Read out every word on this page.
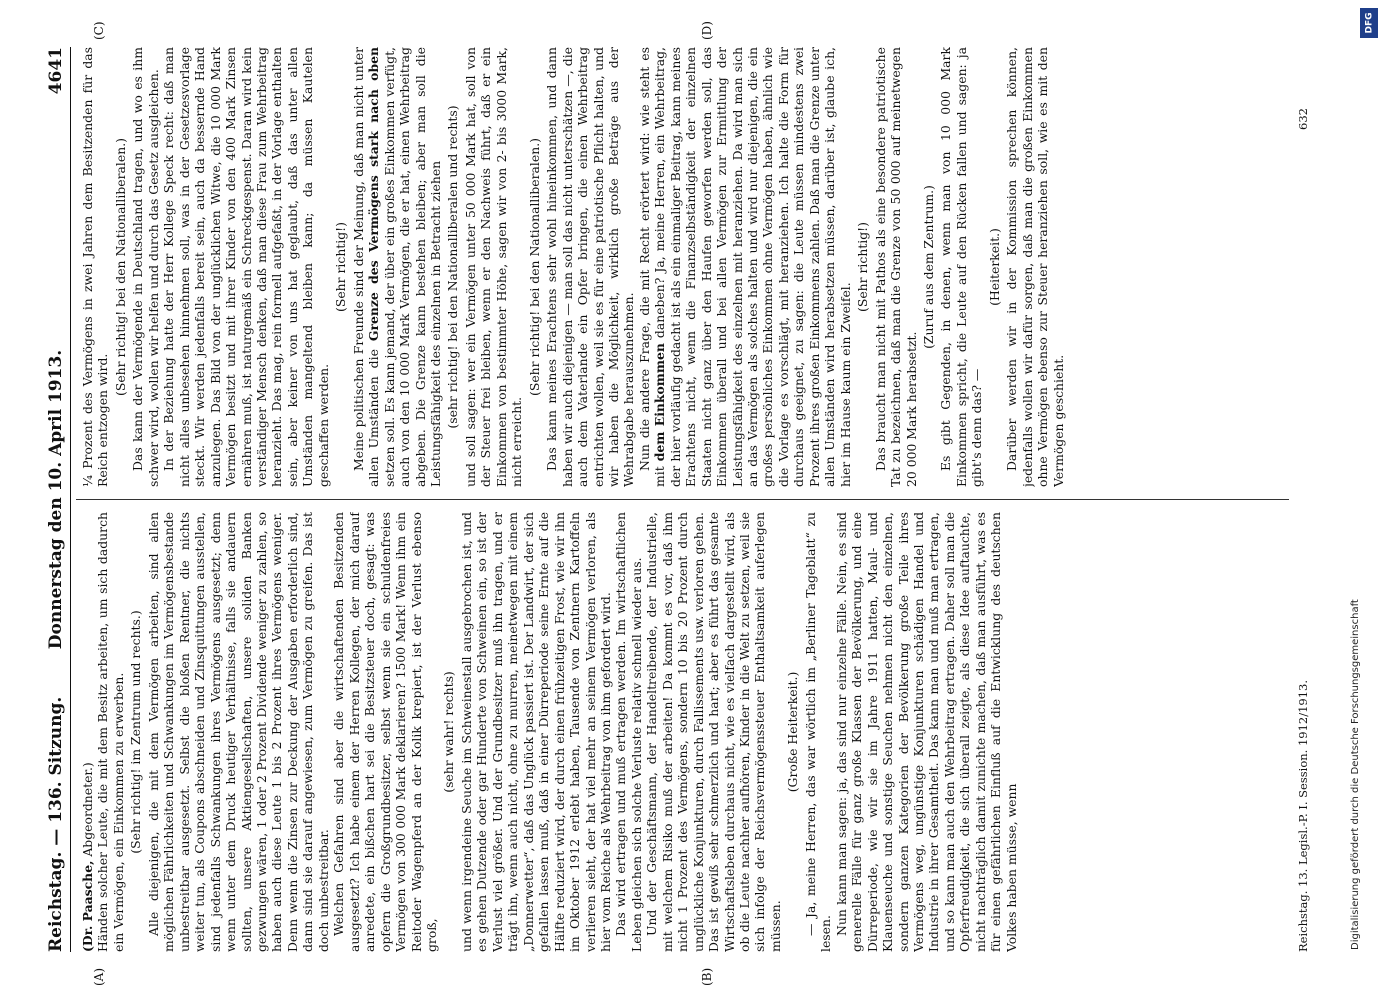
Reichstag. — 136. Sitzung.
Donnerstag den 10. April 1913.
4641
(A)	(B)
(C)	(D)

(Dr. Paasche, Abgeordneter.) Händen solcher Leute, die mit dem Besitz arbeiten, um sich dadurch ein Vermögen, ein Einkommen zu erwerben. (Sehr richtig! im Zentrum und rechts.) Alle diejenigen, die mit dem Vermögen arbeiten, sind allen möglichen Fährlichkeiten und Schwankungen im Vermögensbestande unbestreitbar ausgesetzt. Selbst die bloßen Rentner, die nichts weiter tun, als Coupons abschneiden und Zinsquittungen ausstellen, sind jedenfalls Schwankungen ihres Vermögens ausgesetzt; denn wenn unter dem Druck heutiger Verhältnisse, falls sie andauern sollten, unsere Aktiengesellschaften, unsere soliden Banken gezwungen wären, 1 oder 2 Prozent Dividende weniger zu zahlen, so haben auch diese Leute 1 bis 2 Prozent ihres Vermögens weniger. Denn wenn die Zinsen zur Deckung der Ausgaben erforderlich sind, dann sind sie darauf angewiesen, zum Vermögen zu greifen. Das ist doch unbestreitbar. Welchen Gefahren sind aber die wirtschaftenden Besitzenden ausgesetzt? Ich habe einem der Herren Kollegen, der mich darauf anredete, ein bißchen hart sei die Besitzsteuer doch, gesagt: was opfern die Großgrundbesitzer, selbst wenn sie ein schuldenfreies Vermögen von 300 000 Mark deklarieren? 1500 Mark! Wenn ihm ein Reitoder Wagenpferd an der Kolik krepiert, ist der Verlust ebenso groß,

(sehr wahr! rechts) und wenn irgendeine Seuche im Schweinestall ausgebrochen ist, und es gehen Dutzende oder gar Hunderte von Schweinen ein, so ist der Verlust viel größer. Und der Grundbesitzer muß ihn tragen, und er trägt ihn, wenn auch nicht, ohne zu murren, meinetwegen mit einem „Donnerwetter“, daß das Unglück passiert ist. Der Landwirt, der sich gefallen lassen muß, daß in einer Dürreperiode seine Ernte auf die Hälfte reduziert wird, der durch einen frühzeitigen Frost, wie wir ihn im Oktober 1912 erlebt haben, Tausende von Zentnern Kartoffeln verlieren sieht, der hat viel mehr an seinem Vermögen verloren, als hier vom Reiche als Wehrbeitrag von ihm gefordert wird. Das wird ertragen und muß ertragen werden. Im wirtschaftlichen Leben gleichen sich solche Verluste relativ schnell wieder aus. Und der Geschäftsmann, der Handeltreibende, der Industrielle, mit welchem Risiko muß der arbeiten! Da kommt es vor, daß ihm nicht 1 Prozent des Vermögens, sondern 10 bis 20 Prozent durch unglückliche Konjunkturen, durch Fallissements usw. verloren gehen. Das ist gewiß sehr schmerzlich und hart; aber es führt das gesamte Wirtschaftsleben durchaus nicht, wie es vielfach dargestellt wird, als ob die Leute nachher aufhören, Kinder in die Welt zu setzen, weil sie sich infolge der Reichsvermögenssteuer Enthaltsamkeit auferlegen müssen.

(Große Heiterkeit.) — Ja, meine Herren, das war wörtlich im „Berliner Tageblatt“ zu lesen. Nun kann man sagen: ja, das sind nur einzelne Fälle. Nein, es sind generelle Fälle für ganz große Klassen der Bevölkerung, und eine Dürreperiode, wie wir sie im Jahre 1911 hatten, Maul- und Klauenseuche und sonstige Seuchen nehmen nicht den einzelnen, sondern ganzen Kategorien der Bevölkerung große Teile ihres Vermögens weg, ungünstige Konjunkturen schädigen Handel und Industrie in ihrer Gesamtheit. Das kann man und muß man ertragen, und so kann man auch den Wehrbeitrag ertragen. Daher soll man die Opferfreudigkeit, die sich überall zeigte, als diese Idee auftauchte, nicht nachträglich damit zunichte machen, daß man ausführt, was es für einen gefährlichen Einfluß auf die Entwicklung des deutschen Volkes haben müsse, wenn

¼ Prozent des Vermögens in zwei Jahren dem Besitzenden für das Reich entzogen wird.

(Sehr richtig! bei den Nationalliberalen.) Das kann der Vermögende in Deutschland tragen, und wo es ihm schwer wird, wollen wir helfen und durch das Gesetz ausgleichen. In der Beziehung hatte der Herr Kollege Speck recht: daß man nicht alles unbesehen hinnehmen soll, was in der Gesetzesvorlage steckt. Wir werden jedenfalls bereit sein, auch da bessernde Hand anzulegen. Das Bild von der unglücklichen Witwe, die 10 000 Mark Vermögen besitzt und mit ihrer Kinder von den 400 Mark Zinsen ernähren muß, ist naturgemäß ein Schreckgespenst. Daran wird kein verständiger Mensch denken, daß man diese Frau zum Wehrbeitrag heranzieht. Das mag, rein formell aufgefaßt, in der Vorlage enthalten sein, aber keiner von uns hat geglaubt, daß das unter allen Umständen mangeltend bleiben kann; da müssen Kautelen geschaffen werden.

(Sehr richtig!) Meine politischen Freunde sind der Meinung, daß man nicht unter allen Umständen die Grenze des Vermögens stark nach oben setzen soll. Es kann jemand, der über ein großes Einkommen verfügt, auch von den 10 000 Mark Vermögen, die er hat, einen Wehrbeitrag abgeben. Die Grenze kann bestehen bleiben; aber man soll die Leistungsfähigkeit des einzelnen in Betracht ziehen (sehr richtig! bei den Nationalliberalen und rechts) und soll sagen: wer ein Vermögen unter 50 000 Mark hat, soll von der Steuer frei bleiben, wenn er den Nachweis führt, daß er ein Einkommen von bestimmter Höhe, sagen wir von 2- bis 3000 Mark, nicht erreicht.

(Sehr richtig! bei den Nationalliberalen.) Das kann meines Erachtens sehr wohl hineinkommen, und dann haben wir auch diejenigen — man soll das nicht unterschätzen —, die auch dem Vaterlande ein Opfer bringen, die einen Wehrbeitrag entrichten wollen, weil sie es für eine patriotische Pflicht halten, und wir haben die Möglichkeit, wirklich große Beträge aus der Wehrabgabe herauszunehmen. Nun die andere Frage, die mit Recht erörtert wird: wie steht es mit dem Einkommen daneben? Ja, meine Herren, ein Wehrbeitrag, der hier vorläufig gedacht ist als ein einmaliger Beitrag, kann meines Erachtens nicht, wenn die Finanzselbständigkeit der einzelnen Staaten nicht ganz über den Haufen geworfen werden soll, das Einkommen überall und bei allen Vermögen zur Ermittlung der Leistungsfähigkeit des einzelnen mit heranziehen. Da wird man sich an das Vermögen als solches halten und wird nur diejenigen, die ein großes persönliches Einkommen ohne Vermögen haben, ähnlich wie die Vorlage es vorschlägt, mit heranziehen. Ich halte die Form für durchaus geeignet, zu sagen: die Leute müssen mindestens zwei Prozent ihres großen Einkommens zahlen. Daß man die Grenze unter allen Umständen wird herabsetzen müssen, darüber ist, glaube ich, hier im Hause kaum ein Zweifel.

(Sehr richtig!) Das braucht man nicht mit Pathos als eine besondere patriotische Tat zu bezeichnen, daß man die Grenze von 50 000 auf meinetwegen 20 000 Mark herabsetzt.

(Zuruf aus dem Zentrum.) Es gibt Gegenden, in denen, wenn man von 10 000 Mark Einkommen spricht, die Leute auf den Rücken fallen und sagen: ja gibt's denn das? —

(Heiterkeit.) Darüber werden wir in der Kommission sprechen können, jedenfalls wollen wir dafür sorgen, daß man die großen Einkommen ohne Vermögen ebenso zur Steuer heranziehen soll, wie es mit den Vermögen geschieht.

Reichstag. 13. Legisl.-P. I. Session. 1912/1913.
632
Digitalisierung gefördert durch die Deutsche Forschungsgemeinschaft
DFG
